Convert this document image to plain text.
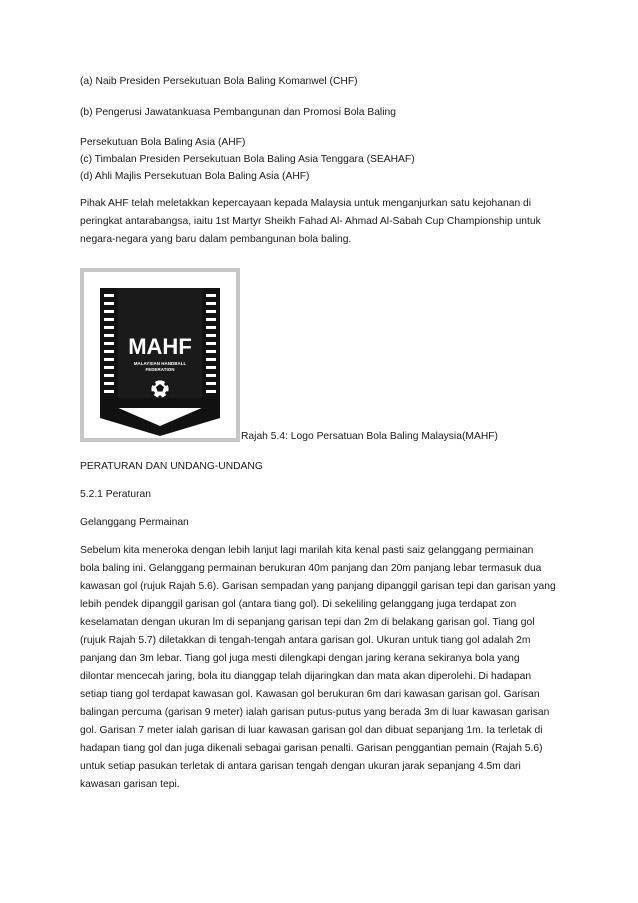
(a) Naib Presiden Persekutuan Bola Baling Komanwel (CHF)
(b) Pengerusi Jawatankuasa Pembangunan dan Promosi Bola Baling
Persekutuan Bola Baling Asia (AHF)
(c) Timbalan Presiden Persekutuan Bola Baling Asia Tenggara (SEAHAF)
(d) Ahli Majlis Persekutuan Bola Baling Asia (AHF)
Pihak AHF telah meletakkan kepercayaan kepada Malaysia untuk menganjurkan satu kejohanan di
peringkat antarabangsa, iaitu 1st Martyr Sheikh Fahad Al- Ahmad Al-Sabah Cup Championship untuk
negara-negara yang baru dalam pembangunan bola baling.
PERATURAN DAN UNDANG-UNDANG
5.2.1 Peraturan
Gelanggang Permainan
Sebelum kita meneroka dengan lebih lanjut lagi marilah kita kenal pasti saiz gelanggang permainan
bola baling ini. Gelanggang permainan berukuran 40m panjang dan 20m panjang lebar termasuk dua
kawasan gol (rujuk Rajah 5.6). Garisan sempadan yang panjang dipanggil garisan tepi dan garisan yang
lebih pendek dipanggil garisan gol (antara tiang gol). Di sekeliling gelanggang juga terdapat zon
keselamatan dengan ukuran lm di sepanjang garisan tepi dan 2m di belakang garisan gol. Tiang gol
(rujuk Rajah 5.7) diletakkan di tengah-tengah antara garisan gol. Ukuran untuk tiang gol adalah 2m
panjang dan 3m lebar. Tiang gol juga mesti dilengkapi dengan jaring kerana sekiranya bola yang
dilontar mencecah jaring, bola itu dianggap telah dijaringkan dan mata akan diperolehi. Di hadapan
setiap tiang gol terdapat kawasan gol. Kawasan gol berukuran 6m dari kawasan garisan gol. Garisan
balingan percuma (garisan 9 meter) ialah garisan putus-putus yang berada 3m di luar kawasan garisan
gol. Garisan 7 meter ialah garisan di luar kawasan garisan gol dan dibuat sepanjang 1m. Ia terletak di
hadapan tiang gol dan juga dikenali sebagai garisan penalti. Garisan penggantian pemain (Rajah 5.6)
untuk setiap pasukan terletak di antara garisan tengah dengan ukuran jarak sepanjang 4.5m dari
kawasan garisan tepi.
MAHF
MALAYSIAN HANDBALL
FEDERATION
Rajah 5.4: Logo Persatuan Bola Baling Malaysia(MAHF)
